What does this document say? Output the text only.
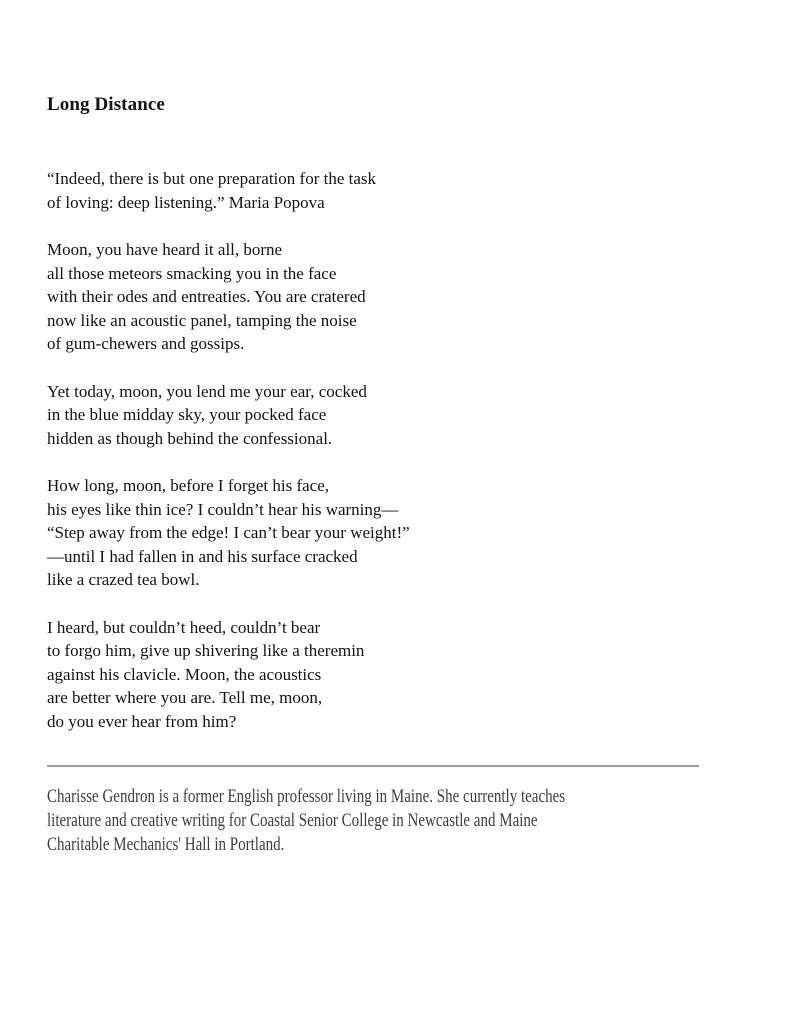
Long Distance
“Indeed, there is but one preparation for the task
of loving: deep listening.” Maria Popova
Moon, you have heard it all, borne
all those meteors smacking you in the face
with their odes and entreaties. You are cratered
now like an acoustic panel, tamping the noise
of gum-chewers and gossips.
Yet today, moon, you lend me your ear, cocked
in the blue midday sky, your pocked face
hidden as though behind the confessional.
How long, moon, before I forget his face,
his eyes like thin ice? I couldn’t hear his warning—
“Step away from the edge! I can’t bear your weight!”
—until I had fallen in and his surface cracked
like a crazed tea bowl.
I heard, but couldn’t heed, couldn’t bear
to forgo him, give up shivering like a theremin
against his clavicle. Moon, the acoustics
are better where you are. Tell me, moon,
do you ever hear from him?
Charisse Gendron is a former English professor living in Maine. She currently teaches
literature and creative writing for Coastal Senior College in Newcastle and Maine
Charitable Mechanics' Hall in Portland.
